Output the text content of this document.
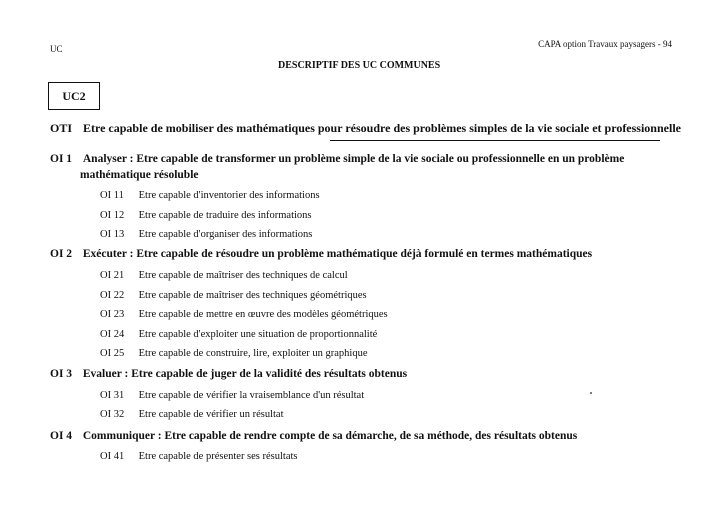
UC	CAPA option Travaux paysagers - 94
DESCRIPTIF DES UC COMMUNES
UC2
OTI Etre capable de mobiliser des mathématiques pour résoudre des problèmes simples de la vie sociale et professionnelle
OI 1 Analyser : Etre capable de transformer un problème simple de la vie sociale ou professionnelle en un problème
mathématique résoluble
OI 11 Etre capable d'inventorier des informations
OI 12 Etre capable de traduire des informations
OI 13 Etre capable d'organiser des informations
OI 2 Exécuter : Etre capable de résoudre un problème mathématique déjà formulé en termes mathématiques
OI 21 Etre capable de maîtriser des techniques de calcul
OI 22 Etre capable de maîtriser des techniques géométriques
OI 23 Etre capable de mettre en œuvre des modèles géométriques
OI 24 Etre capable d'exploiter une situation de proportionnalité
OI 25 Etre capable de construire, lire, exploiter un graphique
OI 3 Evaluer : Etre capable de juger de la validité des résultats obtenus
OI 31 Etre capable de vérifier la vraisemblance d'un résultat
OI 32 Etre capable de vérifier un résultat
OI 4 Communiquer : Etre capable de rendre compte de sa démarche, de sa méthode, des résultats obtenus
OI 41 Etre capable de présenter ses résultats
